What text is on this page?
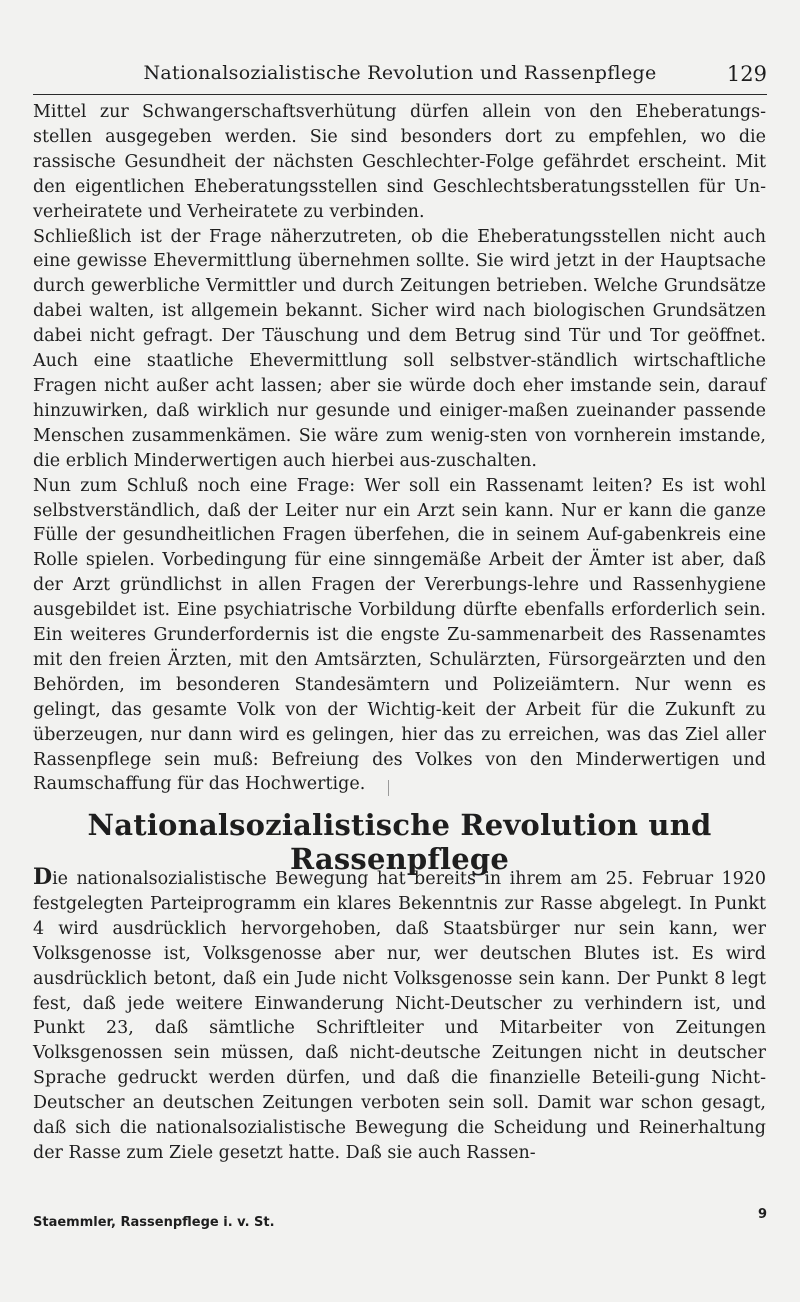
Nationalsozialistische Revolution und Rassenpflege	129

Mittel zur Schwangerschaftsverhütung dürfen allein von den Eheberatungs-stellen ausgegeben werden. Sie sind besonders dort zu empfehlen, wo die rassische Gesundheit der nächsten Geschlechter-Folge gefährdet erscheint. Mit den eigentlichen Eheberatungsstellen sind Geschlechtsberatungsstellen für Un-verheiratete und Verheiratete zu verbinden.

Schließlich ist der Frage näherzutreten, ob die Eheberatungsstellen nicht auch eine gewisse Ehevermittlung übernehmen sollte. Sie wird jetzt in der Hauptsache durch gewerbliche Vermittler und durch Zeitungen betrieben. Welche Grundsätze dabei walten, ist allgemein bekannt. Sicher wird nach biologischen Grundsätzen dabei nicht gefragt. Der Täuschung und dem Betrug sind Tür und Tor geöffnet. Auch eine staatliche Ehevermittlung soll selbstver-ständlich wirtschaftliche Fragen nicht außer acht lassen; aber sie würde doch eher imstande sein, darauf hinzuwirken, daß wirklich nur gesunde und einiger-maßen zueinander passende Menschen zusammenkämen. Sie wäre zum wenig-sten von vornherein imstande, die erblich Minderwertigen auch hierbei aus-zuschalten.

Nun zum Schluß noch eine Frage: Wer soll ein Rassenamt leiten? Es ist wohl selbstverständlich, daß der Leiter nur ein Arzt sein kann. Nur er kann die ganze Fülle der gesundheitlichen Fragen überfehen, die in seinem Auf-gabenkreis eine Rolle spielen. Vorbedingung für eine sinngemäße Arbeit der Ämter ist aber, daß der Arzt gründlichst in allen Fragen der Vererbungs-lehre und Rassenhygiene ausgebildet ist. Eine psychiatrische Vorbildung dürfte ebenfalls erforderlich sein. Ein weiteres Grunderfordernis ist die engste Zu-sammenarbeit des Rassenamtes mit den freien Ärzten, mit den Amtsärzten, Schulärzten, Fürsorgeärzten und den Behörden, im besonderen Standesämtern und Polizeiämtern. Nur wenn es gelingt, das gesamte Volk von der Wichtig-keit der Arbeit für die Zukunft zu überzeugen, nur dann wird es gelingen, hier das zu erreichen, was das Ziel aller Rassenpflege sein muß: Befreiung des Volkes von den Minderwertigen und Raumschaffung für das Hochwertige.

Nationalsozialistische Revolution und Rassenpflege

Die nationalsozialistische Bewegung hat bereits in ihrem am 25. Februar 1920 festgelegten Parteiprogramm ein klares Bekenntnis zur Rasse abgelegt. In Punkt 4 wird ausdrücklich hervorgehoben, daß Staatsbürger nur sein kann, wer Volksgenosse ist, Volksgenosse aber nur, wer deutschen Blutes ist. Es wird ausdrücklich betont, daß ein Jude nicht Volksgenosse sein kann. Der Punkt 8 legt fest, daß jede weitere Einwanderung Nicht-Deutscher zu verhindern ist, und Punkt 23, daß sämtliche Schriftleiter und Mitarbeiter von Zeitungen Volksgenossen sein müssen, daß nicht-deutsche Zeitungen nicht in deutscher Sprache gedruckt werden dürfen, und daß die finanzielle Beteili-gung Nicht-Deutscher an deutschen Zeitungen verboten sein soll. Damit war schon gesagt, daß sich die nationalsozialistische Bewegung die Scheidung und Reinerhaltung der Rasse zum Ziele gesetzt hatte. Daß sie auch Rassen-

Staemmler, Rassenpflege i. v. St.
9
